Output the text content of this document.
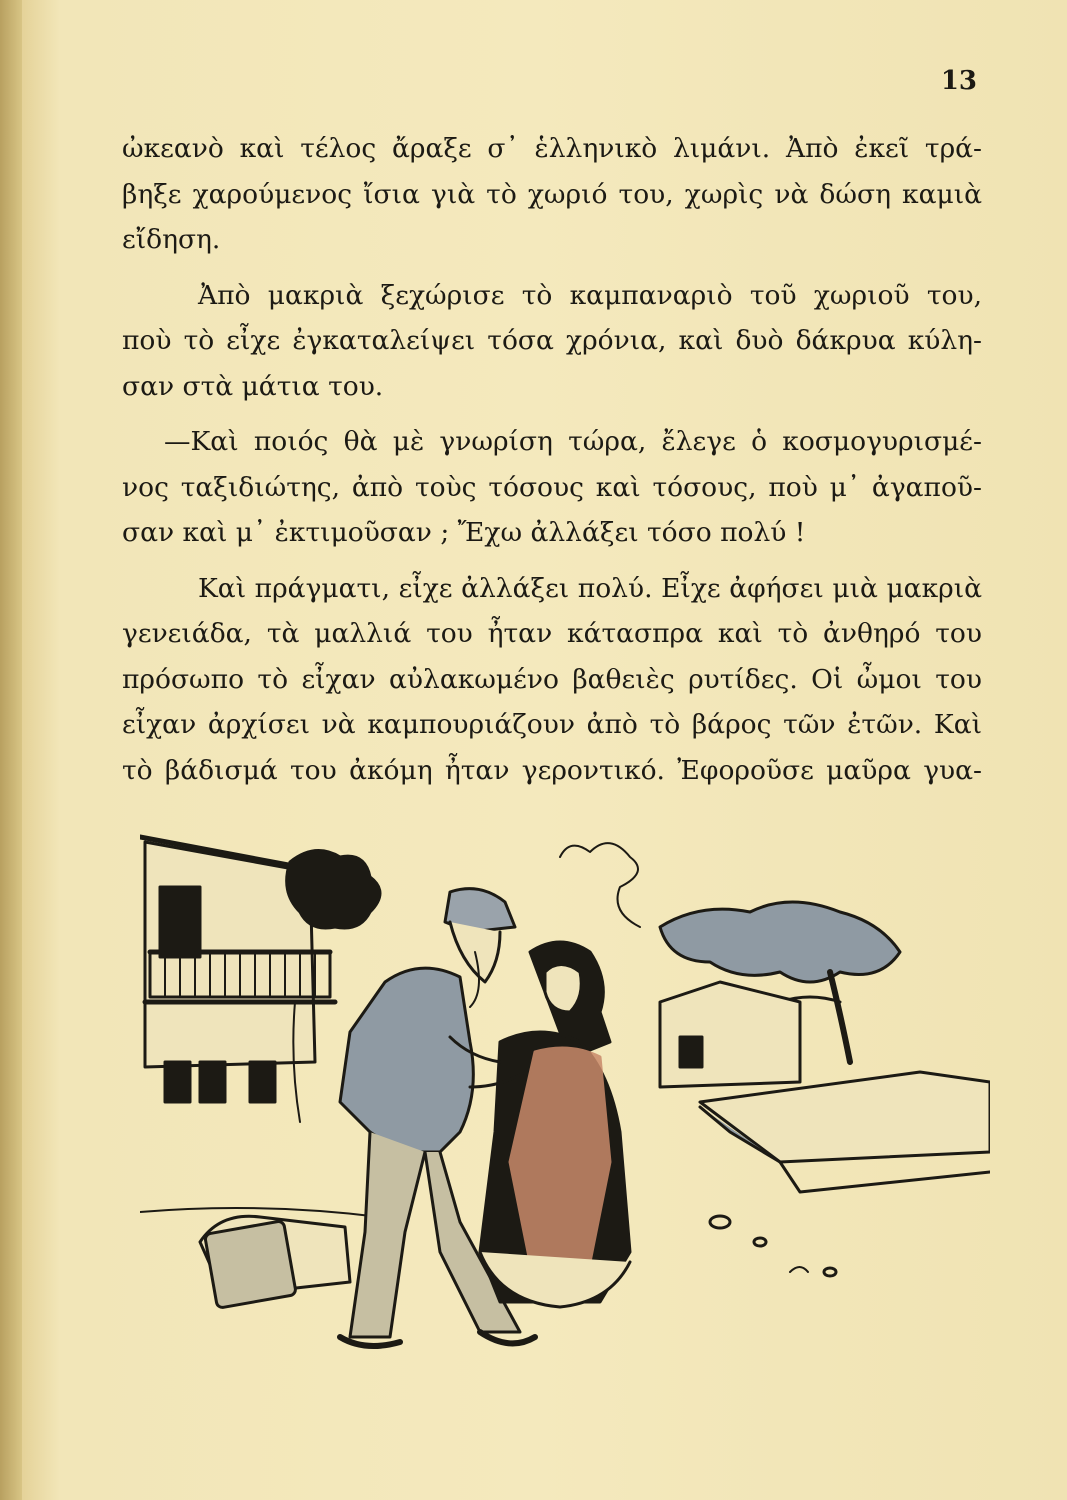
13
ὠκεανὸ καὶ τέλος ἄραξε σ᾽ ἑλληνικὸ λιμάνι. Ἀπὸ ἐκεῖ τρά-
βηξε χαρούμενος ἴσια γιὰ τὸ χωριό του, χωρὶς νὰ δώση καμιὰ
εἴδηση.
Ἀπὸ μακριὰ ξεχώρισε τὸ καμπαναριὸ τοῦ χωριοῦ του,
ποὺ τὸ εἶχε ἐγκαταλείψει τόσα χρόνια, καὶ δυὸ δάκρυα κύλη-
σαν στὰ μάτια του.
—Καὶ ποιός θὰ μὲ γνωρίση τώρα, ἔλεγε ὁ κοσμογυρισμέ-
νος ταξιδιώτης, ἀπὸ τοὺς τόσους καὶ τόσους, ποὺ μ᾽ ἀγαποῦ-
σαν καὶ μ᾽ ἐκτιμοῦσαν ; Ἔχω ἀλλάξει τόσο πολύ !
Καὶ πράγματι, εἶχε ἀλλάξει πολύ. Εἶχε ἀφήσει μιὰ μακριὰ
γενειάδα, τὰ μαλλιά του ἦταν κάτασπρα καὶ τὸ ἀνθηρό του
πρόσωπο τὸ εἶχαν αὐλακωμένο βαθειὲς ρυτίδες. Οἱ ὦμοι του
εἶχαν ἀρχίσει νὰ καμπουριάζουν ἀπὸ τὸ βάρος τῶν ἐτῶν. Καὶ
τὸ βάδισμά του ἀκόμη ἦταν γεροντικό. Ἐφοροῦσε μαῦρα γυα-
